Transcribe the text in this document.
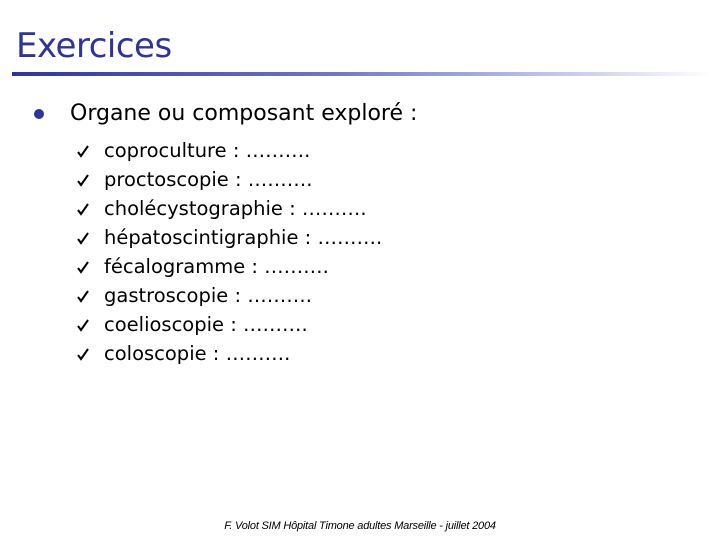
Exercices
Organe ou composant exploré :
coproculture : ……….
proctoscopie : ……….
cholécystographie : ……….
hépatoscintigraphie : ……….
fécalogramme : ……….
gastroscopie : ……….
coelioscopie : ……….
coloscopie : ……….
F. Volot SIM Hôpital Timone adultes Marseille - juillet 2004
